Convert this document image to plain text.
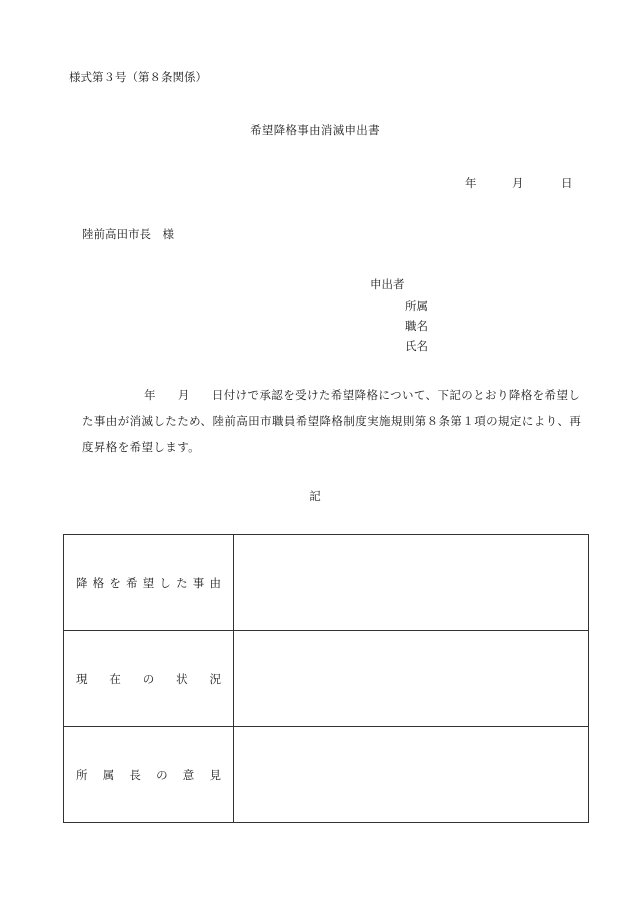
様式第３号（第８条関係）
希望降格事由消滅申出書
年	月	日
陸前高田市長　様
申出者
所属
職名
氏名
年 月 日付けで承認を受けた希望降格について、下記のとおり降格を希望した事由が消滅したため、陸前高田市職員希望降格制度実施規則第８条第１項の規定により、再度昇格を希望します。
記
降格を希望した事由	

現在の状況	

所属長の意見	
